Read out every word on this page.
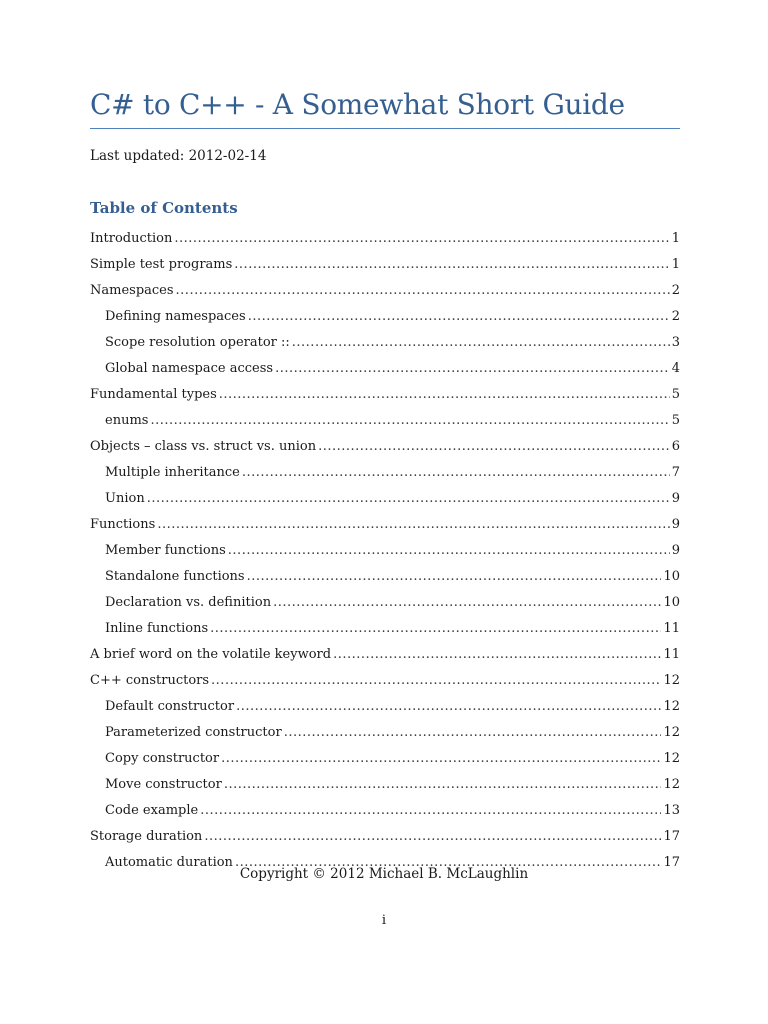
C# to C++ - A Somewhat Short Guide
Last updated: 2012-02-14
Table of Contents
Introduction .....	1
Simple test programs .....	1
Namespaces .....	2
Defining namespaces .....	2
Scope resolution operator :: .....	3
Global namespace access .....	4
Fundamental types .....	5
enums .....	5
Objects – class vs. struct vs. union .....	6
Multiple inheritance .....	7
Union .....	9
Functions .....	9
Member functions .....	9
Standalone functions .....	10
Declaration vs. definition .....	10
Inline functions .....	11
A brief word on the volatile keyword .....	11
C++ constructors .....	12
Default constructor .....	12
Parameterized constructor .....	12
Copy constructor .....	12
Move constructor .....	12
Code example .....	13
Storage duration .....	17
Automatic duration .....	17
Copyright © 2012 Michael B. McLaughlin
i
